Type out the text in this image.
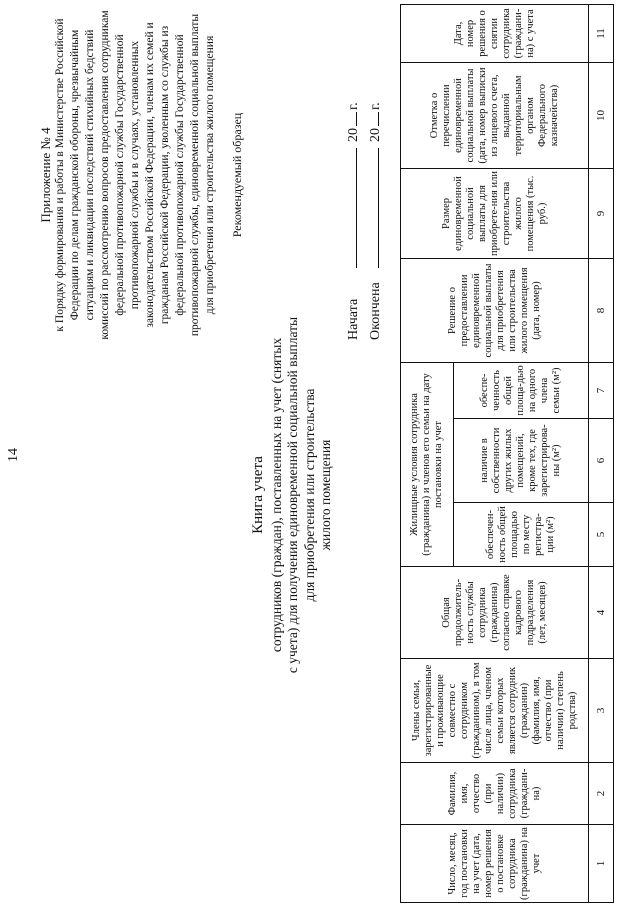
14
Приложение № 4 к Порядку формирования и работы в Министерстве Российской Федерации по делам гражданской обороны, чрезвычайным ситуациям и ликвидации последствий стихийных бедствий комиссий по рассмотрению вопросов предоставления сотрудникам федеральной противопожарной службы Государственной противопожарной службы и в случаях, установленных законодательством Российской Федерации, членам их семей и гражданам Российской Федерации, уволенным со службы из федеральной противопожарной службы Государственной противопожарной службы, единовременной социальной выплаты для приобретения или строительства жилого помещения Рекомендуемый образец
Книга учета сотрудников (граждан), поставленных на учет (снятых с учета) для получения единовременной социальной выплаты для приобретения или строительства жилого помещения
Начата
20
г.
Окончена
20
г.
Число, месяц, год постановки на учет (дата, номер решения о постановке сотрудника (гражданина) на учет	Фамилия, имя, отчество (при наличии) сотрудника (граждани-на)	Члены семьи, зарегистрированные и проживающие совместно с сотрудником (гражданином), в том числе лица, членом семьи которых является сотрудник (гражданин) (фамилия, имя, отчество (при наличии) степень родства)	Общая продолжитель-ность службы сотрудника (гражданина) согласно справке кадрового подразделения (лет, месяцев)	Жилищные условия сотрудника (гражданина) и членов его семьи на дату постановки на учет			Решение о предоставлении единовременной социальной выплаты для приобретения или строительства жилого помещения (дата, номер)	Размер единовременной социальной выплаты для приобрете-ния или строительства жилого помещения (тыс. руб.)	Отметка о перечислении единовременной социальной выплаты (дата, номер выписки из лицевого счета, выданной территориальным органом Федерального казначейства)	Дата, номер решения о снятии сотрудника (граждани-на) с учета
				обеспечен-ность общей площадью по месту регистра-ции (м²)	наличие в собственности других жилых помещений, кроме тех, где зарегистрирова-ны (м²)	обеспе-ченность общей площа-дью на одного члена семьи (м²)				
1	2	3	4	5	6	7	8	9	10	11
